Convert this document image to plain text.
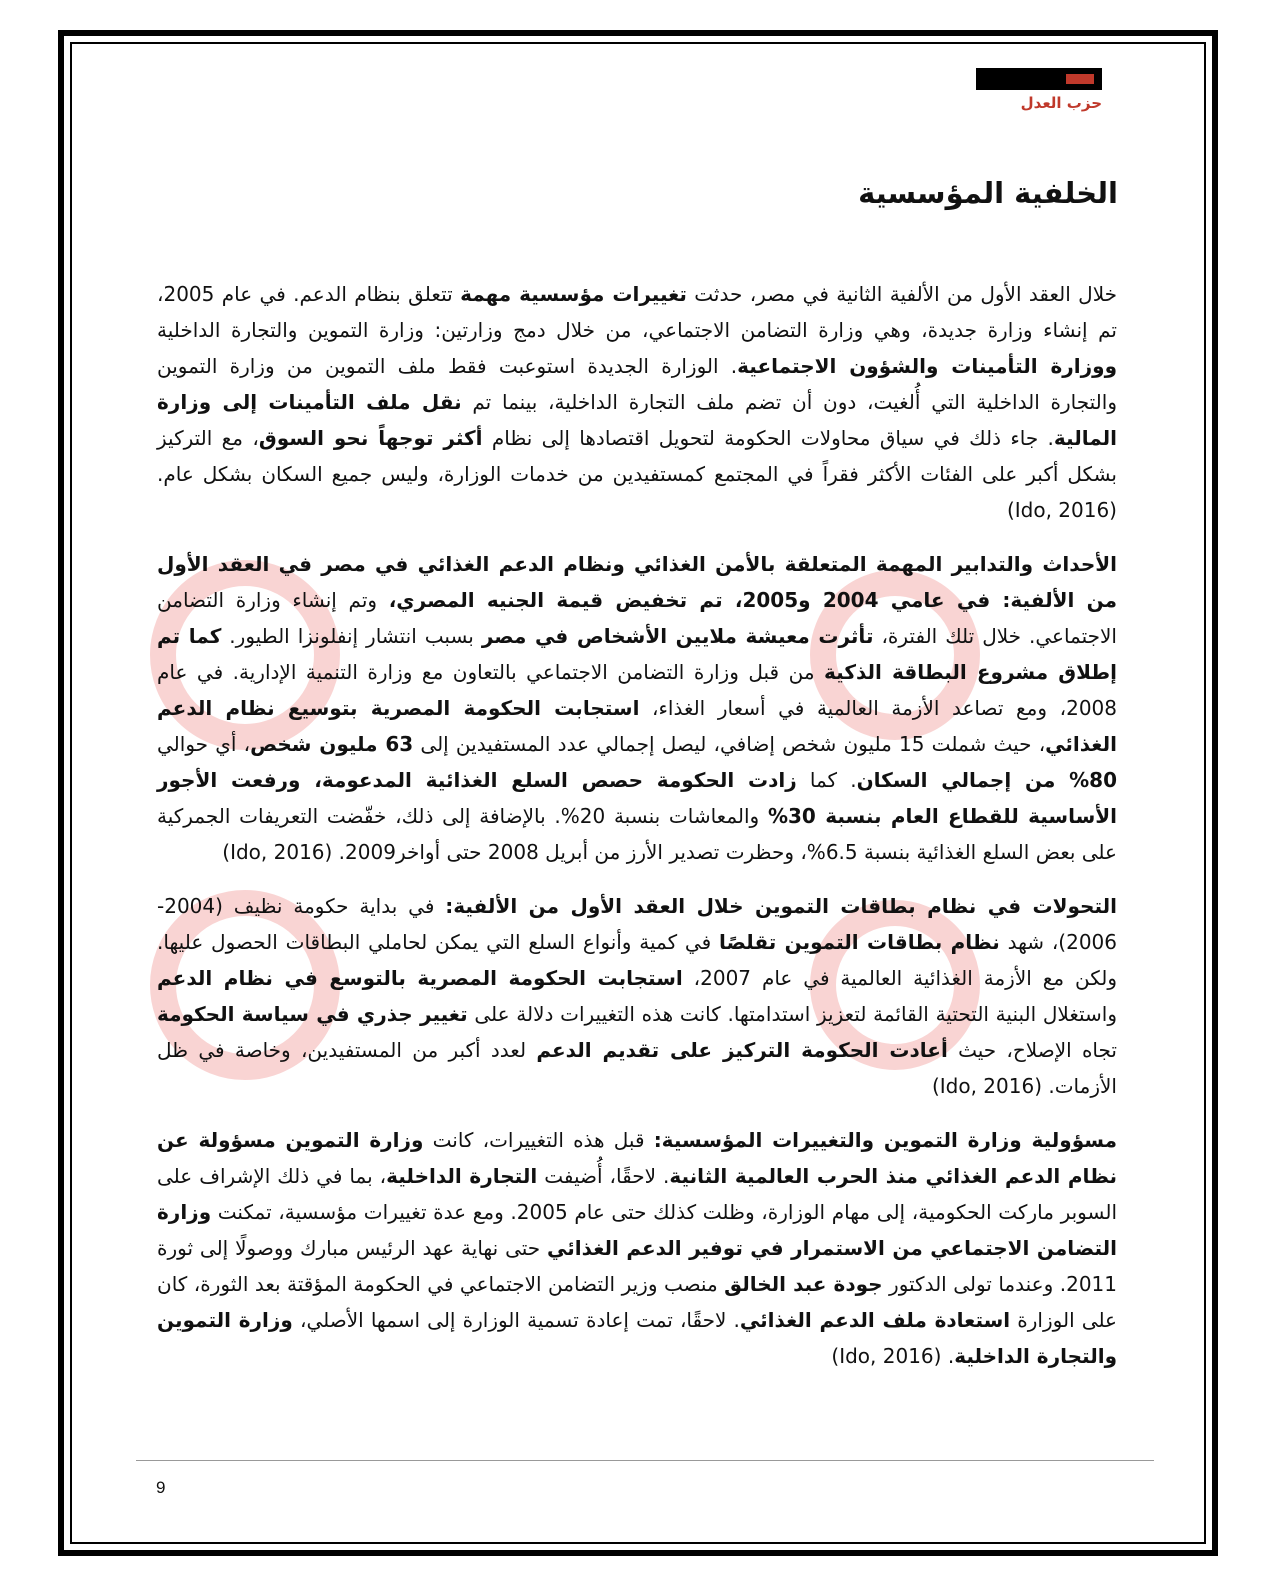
حزب العدل
الخلفية المؤسسية

خلال العقد الأول من الألفية الثانية في مصر، حدثت تغييرات مؤسسية مهمة تتعلق بنظام الدعم. في عام 2005، تم إنشاء وزارة جديدة، وهي وزارة التضامن الاجتماعي، من خلال دمج وزارتين: وزارة التموين والتجارة الداخلية ووزارة التأمينات والشؤون الاجتماعية. الوزارة الجديدة استوعبت فقط ملف التموين من وزارة التموين والتجارة الداخلية التي أُلغيت، دون أن تضم ملف التجارة الداخلية، بينما تم نقل ملف التأمينات إلى وزارة المالية. جاء ذلك في سياق محاولات الحكومة لتحويل اقتصادها إلى نظام أكثر توجهاً نحو السوق، مع التركيز بشكل أكبر على الفئات الأكثر فقراً في المجتمع كمستفيدين من خدمات الوزارة، وليس جميع السكان بشكل عام. (Ido, 2016)

الأحداث والتدابير المهمة المتعلقة بالأمن الغذائي ونظام الدعم الغذائي في مصر في العقد الأول من الألفية: في عامي 2004 و2005، تم تخفيض قيمة الجنيه المصري، وتم إنشاء وزارة التضامن الاجتماعي. خلال تلك الفترة، تأثرت معيشة ملايين الأشخاص في مصر بسبب انتشار إنفلونزا الطيور. كما تم إطلاق مشروع البطاقة الذكية من قبل وزارة التضامن الاجتماعي بالتعاون مع وزارة التنمية الإدارية. في عام 2008، ومع تصاعد الأزمة العالمية في أسعار الغذاء، استجابت الحكومة المصرية بتوسيع نظام الدعم الغذائي، حيث شملت 15 مليون شخص إضافي، ليصل إجمالي عدد المستفيدين إلى 63 مليون شخص، أي حوالي 80% من إجمالي السكان. كما زادت الحكومة حصص السلع الغذائية المدعومة، ورفعت الأجور الأساسية للقطاع العام بنسبة 30% والمعاشات بنسبة 20%. بالإضافة إلى ذلك، خفّضت التعريفات الجمركية على بعض السلع الغذائية بنسبة 6.5%، وحظرت تصدير الأرز من أبريل 2008 حتى أواخر2009. (Ido, 2016)

التحولات في نظام بطاقات التموين خلال العقد الأول من الألفية: في بداية حكومة نظيف (2004-2006)، شهد نظام بطاقات التموين تقلصًا في كمية وأنواع السلع التي يمكن لحاملي البطاقات الحصول عليها. ولكن مع الأزمة الغذائية العالمية في عام 2007، استجابت الحكومة المصرية بالتوسع في نظام الدعم واستغلال البنية التحتية القائمة لتعزيز استدامتها. كانت هذه التغييرات دلالة على تغيير جذري في سياسة الحكومة تجاه الإصلاح، حيث أعادت الحكومة التركيز على تقديم الدعم لعدد أكبر من المستفيدين، وخاصة في ظل الأزمات. (Ido, 2016)

مسؤولية وزارة التموين والتغييرات المؤسسية: قبل هذه التغييرات، كانت وزارة التموين مسؤولة عن نظام الدعم الغذائي منذ الحرب العالمية الثانية. لاحقًا، أُضيفت التجارة الداخلية، بما في ذلك الإشراف على السوبر ماركت الحكومية، إلى مهام الوزارة، وظلت كذلك حتى عام 2005. ومع عدة تغييرات مؤسسية، تمكنت وزارة التضامن الاجتماعي من الاستمرار في توفير الدعم الغذائي حتى نهاية عهد الرئيس مبارك ووصولًا إلى ثورة 2011. وعندما تولى الدكتور جودة عبد الخالق منصب وزير التضامن الاجتماعي في الحكومة المؤقتة بعد الثورة، كان على الوزارة استعادة ملف الدعم الغذائي. لاحقًا، تمت إعادة تسمية الوزارة إلى اسمها الأصلي، وزارة التموين والتجارة الداخلية. (Ido, 2016)

9
